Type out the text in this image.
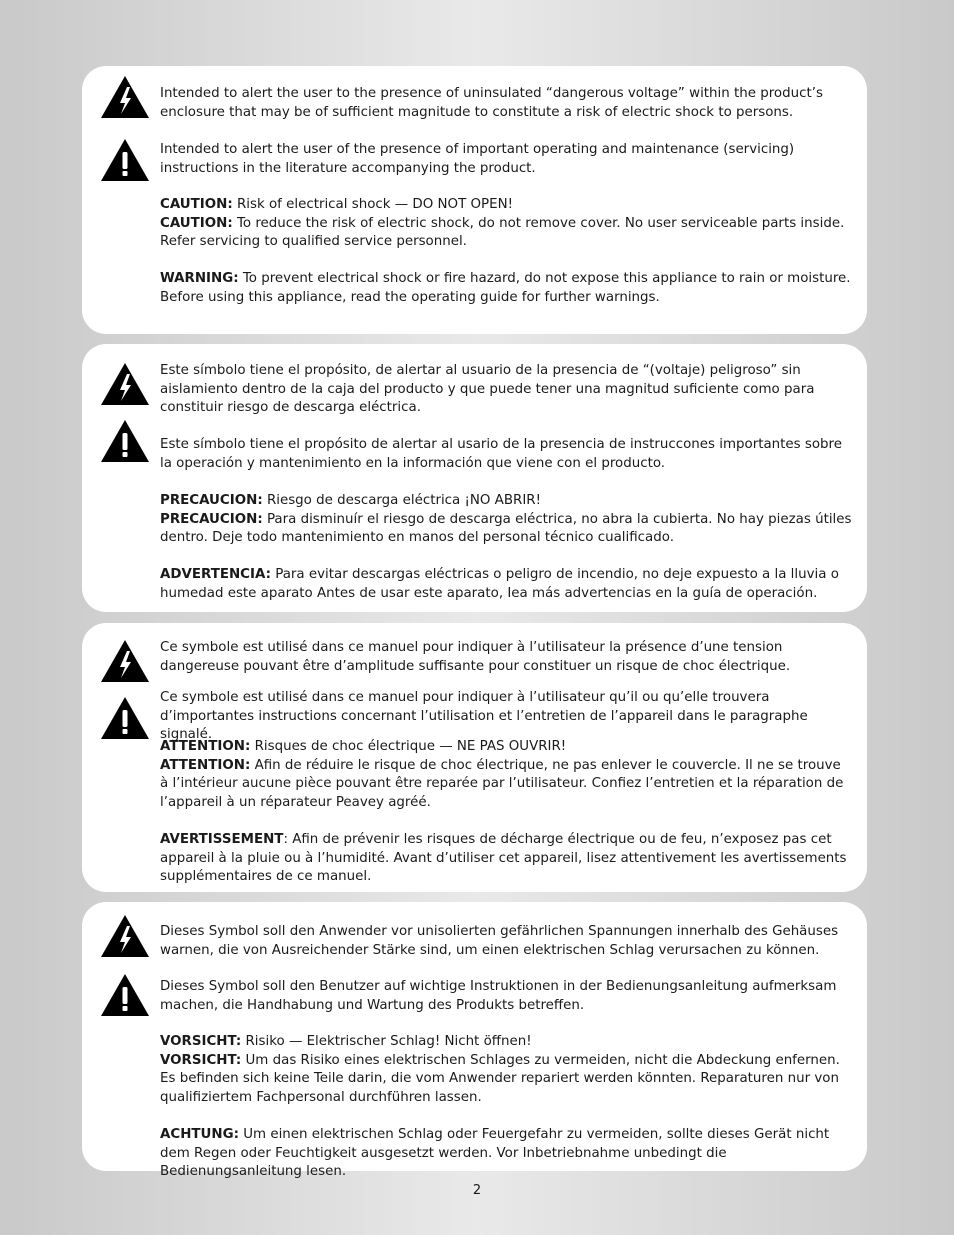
Intended to alert the user to the presence of uninsulated “dangerous voltage” within the product’s enclosure that may be of sufficient magnitude to constitute a risk of electric shock to persons.

Intended to alert the user of the presence of important operating and maintenance (servicing) instructions in the literature accompanying the product.

CAUTION: Risk of electrical shock — DO NOT OPEN!
CAUTION: To reduce the risk of electric shock, do not remove cover. No user serviceable parts inside. Refer servicing to qualified service personnel.

WARNING: To prevent electrical shock or fire hazard, do not expose this appliance to rain or moisture. Before using this appliance, read the operating guide for further warnings.

Este símbolo tiene el propósito, de alertar al usuario de la presencia de “(voltaje) peligroso” sin aislamiento dentro de la caja del producto y que puede tener una magnitud suficiente como para constituir riesgo de descarga eléctrica.

Este símbolo tiene el propósito de alertar al usario de la presencia de instruccones importantes sobre la operación y mantenimiento en la información que viene con el producto.

PRECAUCION: Riesgo de descarga eléctrica ¡NO ABRIR!
PRECAUCION: Para disminuír el riesgo de descarga eléctrica, no abra la cubierta. No hay piezas útiles dentro. Deje todo mantenimiento en manos del personal técnico cualificado.

ADVERTENCIA: Para evitar descargas eléctricas o peligro de incendio, no deje expuesto a la lluvia o humedad este aparato Antes de usar este aparato, Iea más advertencias en la guía de operación.

Ce symbole est utilisé dans ce manuel pour indiquer à l’utilisateur la présence d’une tension dangereuse pouvant être d’amplitude suffisante pour constituer un risque de choc électrique.

Ce symbole est utilisé dans ce manuel pour indiquer à l’utilisateur qu’il ou qu’elle trouvera d’importantes instructions concernant l’utilisation et l’entretien de l’appareil dans le paragraphe signalé.

ATTENTION: Risques de choc électrique — NE PAS OUVRIR!
ATTENTION: Afin de réduire le risque de choc électrique, ne pas enlever le couvercle. Il ne se trouve à l’intérieur aucune pièce pouvant être reparée par l’utilisateur. Confiez l’entretien et la réparation de l’appareil à un réparateur Peavey agréé.

AVERTISSEMENT: Afin de prévenir les risques de décharge électrique ou de feu, n’exposez pas cet appareil à la pluie ou à l’humidité. Avant d’utiliser cet appareil, lisez attentivement les avertissements supplémentaires de ce manuel.

Dieses Symbol soll den Anwender vor unisolierten gefährlichen Spannungen innerhalb des Gehäuses warnen, die von Ausreichender Stärke sind, um einen elektrischen Schlag verursachen zu können.

Dieses Symbol soll den Benutzer auf wichtige Instruktionen in der Bedienungsanleitung aufmerksam machen, die Handhabung und Wartung des Produkts betreffen.

VORSICHT: Risiko — Elektrischer Schlag! Nicht öffnen!
VORSICHT: Um das Risiko eines elektrischen Schlages zu vermeiden, nicht die Abdeckung enfernen. Es befinden sich keine Teile darin, die vom Anwender repariert werden könnten. Reparaturen nur von qualifiziertem Fachpersonal durchführen lassen.

ACHTUNG: Um einen elektrischen Schlag oder Feuergefahr zu vermeiden, sollte dieses Gerät nicht dem Regen oder Feuchtigkeit ausgesetzt werden. Vor Inbetriebnahme unbedingt die Bedienungsanleitung lesen.

2
